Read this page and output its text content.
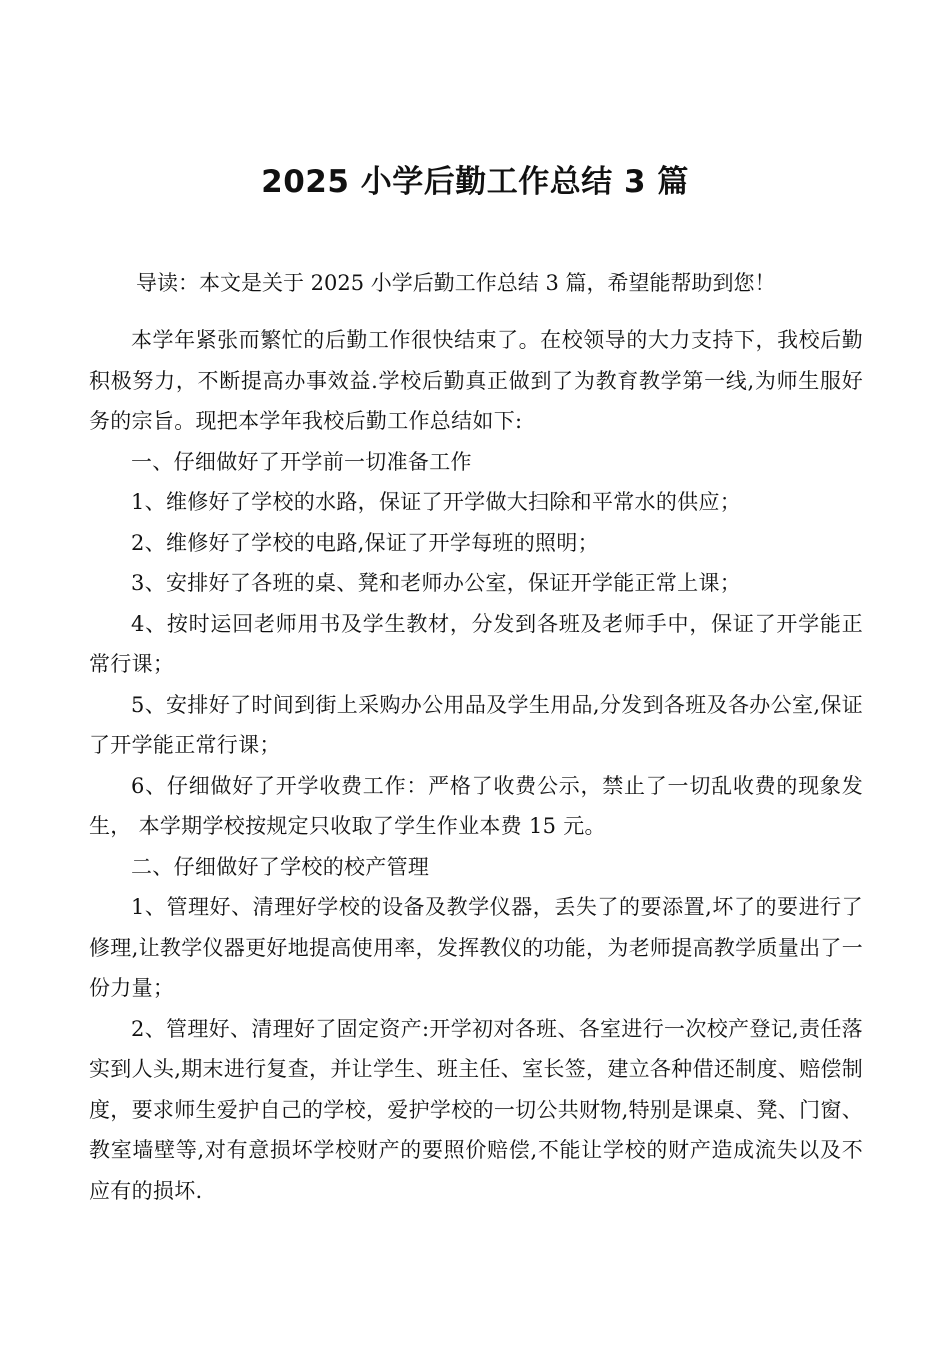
2025 小学后勤工作总结 3 篇

导读：本文是关于 2025 小学后勤工作总结 3 篇，希望能帮助到您！

本学年紧张而繁忙的后勤工作很快结束了。在校领导的大力支持下，我校后勤积极努力，不断提高办事效益.学校后勤真正做到了为教育教学第一线,为师生服好务的宗旨。现把本学年我校后勤工作总结如下:

一、仔细做好了开学前一切准备工作

1、维修好了学校的水路，保证了开学做大扫除和平常水的供应；

2、维修好了学校的电路,保证了开学每班的照明；

3、安排好了各班的桌、凳和老师办公室，保证开学能正常上课；

4、按时运回老师用书及学生教材，分发到各班及老师手中，保证了开学能正常行课；

5、安排好了时间到街上采购办公用品及学生用品,分发到各班及各办公室,保证了开学能正常行课；

6、仔细做好了开学收费工作：严格了收费公示，禁止了一切乱收费的现象发生， 本学期学校按规定只收取了学生作业本费 15 元。

二、仔细做好了学校的校产管理

1、管理好、清理好学校的设备及教学仪器，丢失了的要添置,坏了的要进行了修理,让教学仪器更好地提高使用率，发挥教仪的功能，为老师提高教学质量出了一份力量；

2、管理好、清理好了固定资产:开学初对各班、各室进行一次校产登记,责任落实到人头,期末进行复查，并让学生、班主任、室长签，建立各种借还制度、赔偿制度，要求师生爱护自己的学校，爱护学校的一切公共财物,特别是课桌、凳、门窗、教室墙壁等,对有意损坏学校财产的要照价赔偿,不能让学校的财产造成流失以及不应有的损坏.
